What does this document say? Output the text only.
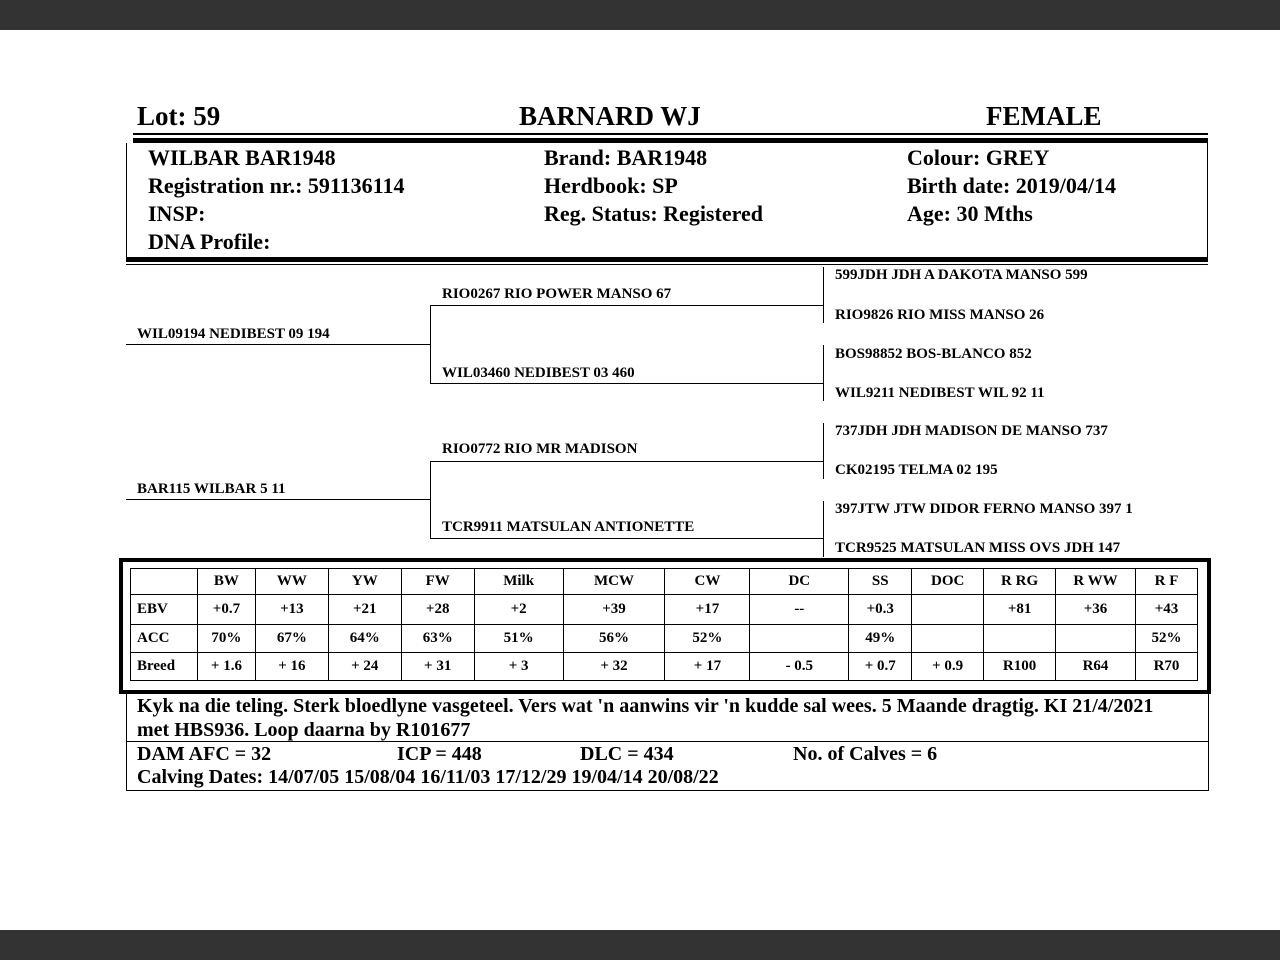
Lot: 59	BARNARD WJ	FEMALE
WILBAR BAR1948
Registration nr.: 591136114
INSP:
DNA Profile:
Brand: BAR1948
Herdbook: SP
Reg. Status: Registered
Colour: GREY
Birth date: 2019/04/14
Age: 30 Mths
WIL09194 NEDIBEST 09 194
BAR115 WILBAR 5 11
RIO0267 RIO POWER MANSO 67
WIL03460 NEDIBEST 03 460
RIO0772 RIO MR MADISON
TCR9911 MATSULAN ANTIONETTE
599JDH JDH A DAKOTA MANSO 599
RIO9826 RIO MISS MANSO 26
BOS98852 BOS-BLANCO 852
WIL9211 NEDIBEST WIL 92 11
737JDH JDH MADISON DE MANSO 737
CK02195 TELMA 02 195
397JTW JTW DIDOR FERNO MANSO 397 1
TCR9525 MATSULAN MISS OVS JDH 147
	BW	WW	YW	FW	Milk	MCW	CW	DC	SS	DOC	R RG	R WW	R F
EBV	+0.7	+13	+21	+28	+2	+39	+17	--	+0.3		+81	+36	+43
ACC	70%	67%	64%	63%	51%	56%	52%		49%				52%
Breed	+ 1.6	+ 16	+ 24	+ 31	+ 3	+ 32	+ 17	- 0.5	+ 0.7	+ 0.9	R100	R64	R70
Kyk na die teling. Sterk bloedlyne vasgeteel. Vers wat 'n aanwins vir 'n kudde sal wees. 5 Maande dragtig. KI 21/4/2021
met HBS936. Loop daarna by R101677
DAM AFC = 32	ICP = 448	DLC = 434	No. of Calves = 6
Calving Dates: 14/07/05 15/08/04 16/11/03 17/12/29 19/04/14 20/08/22
